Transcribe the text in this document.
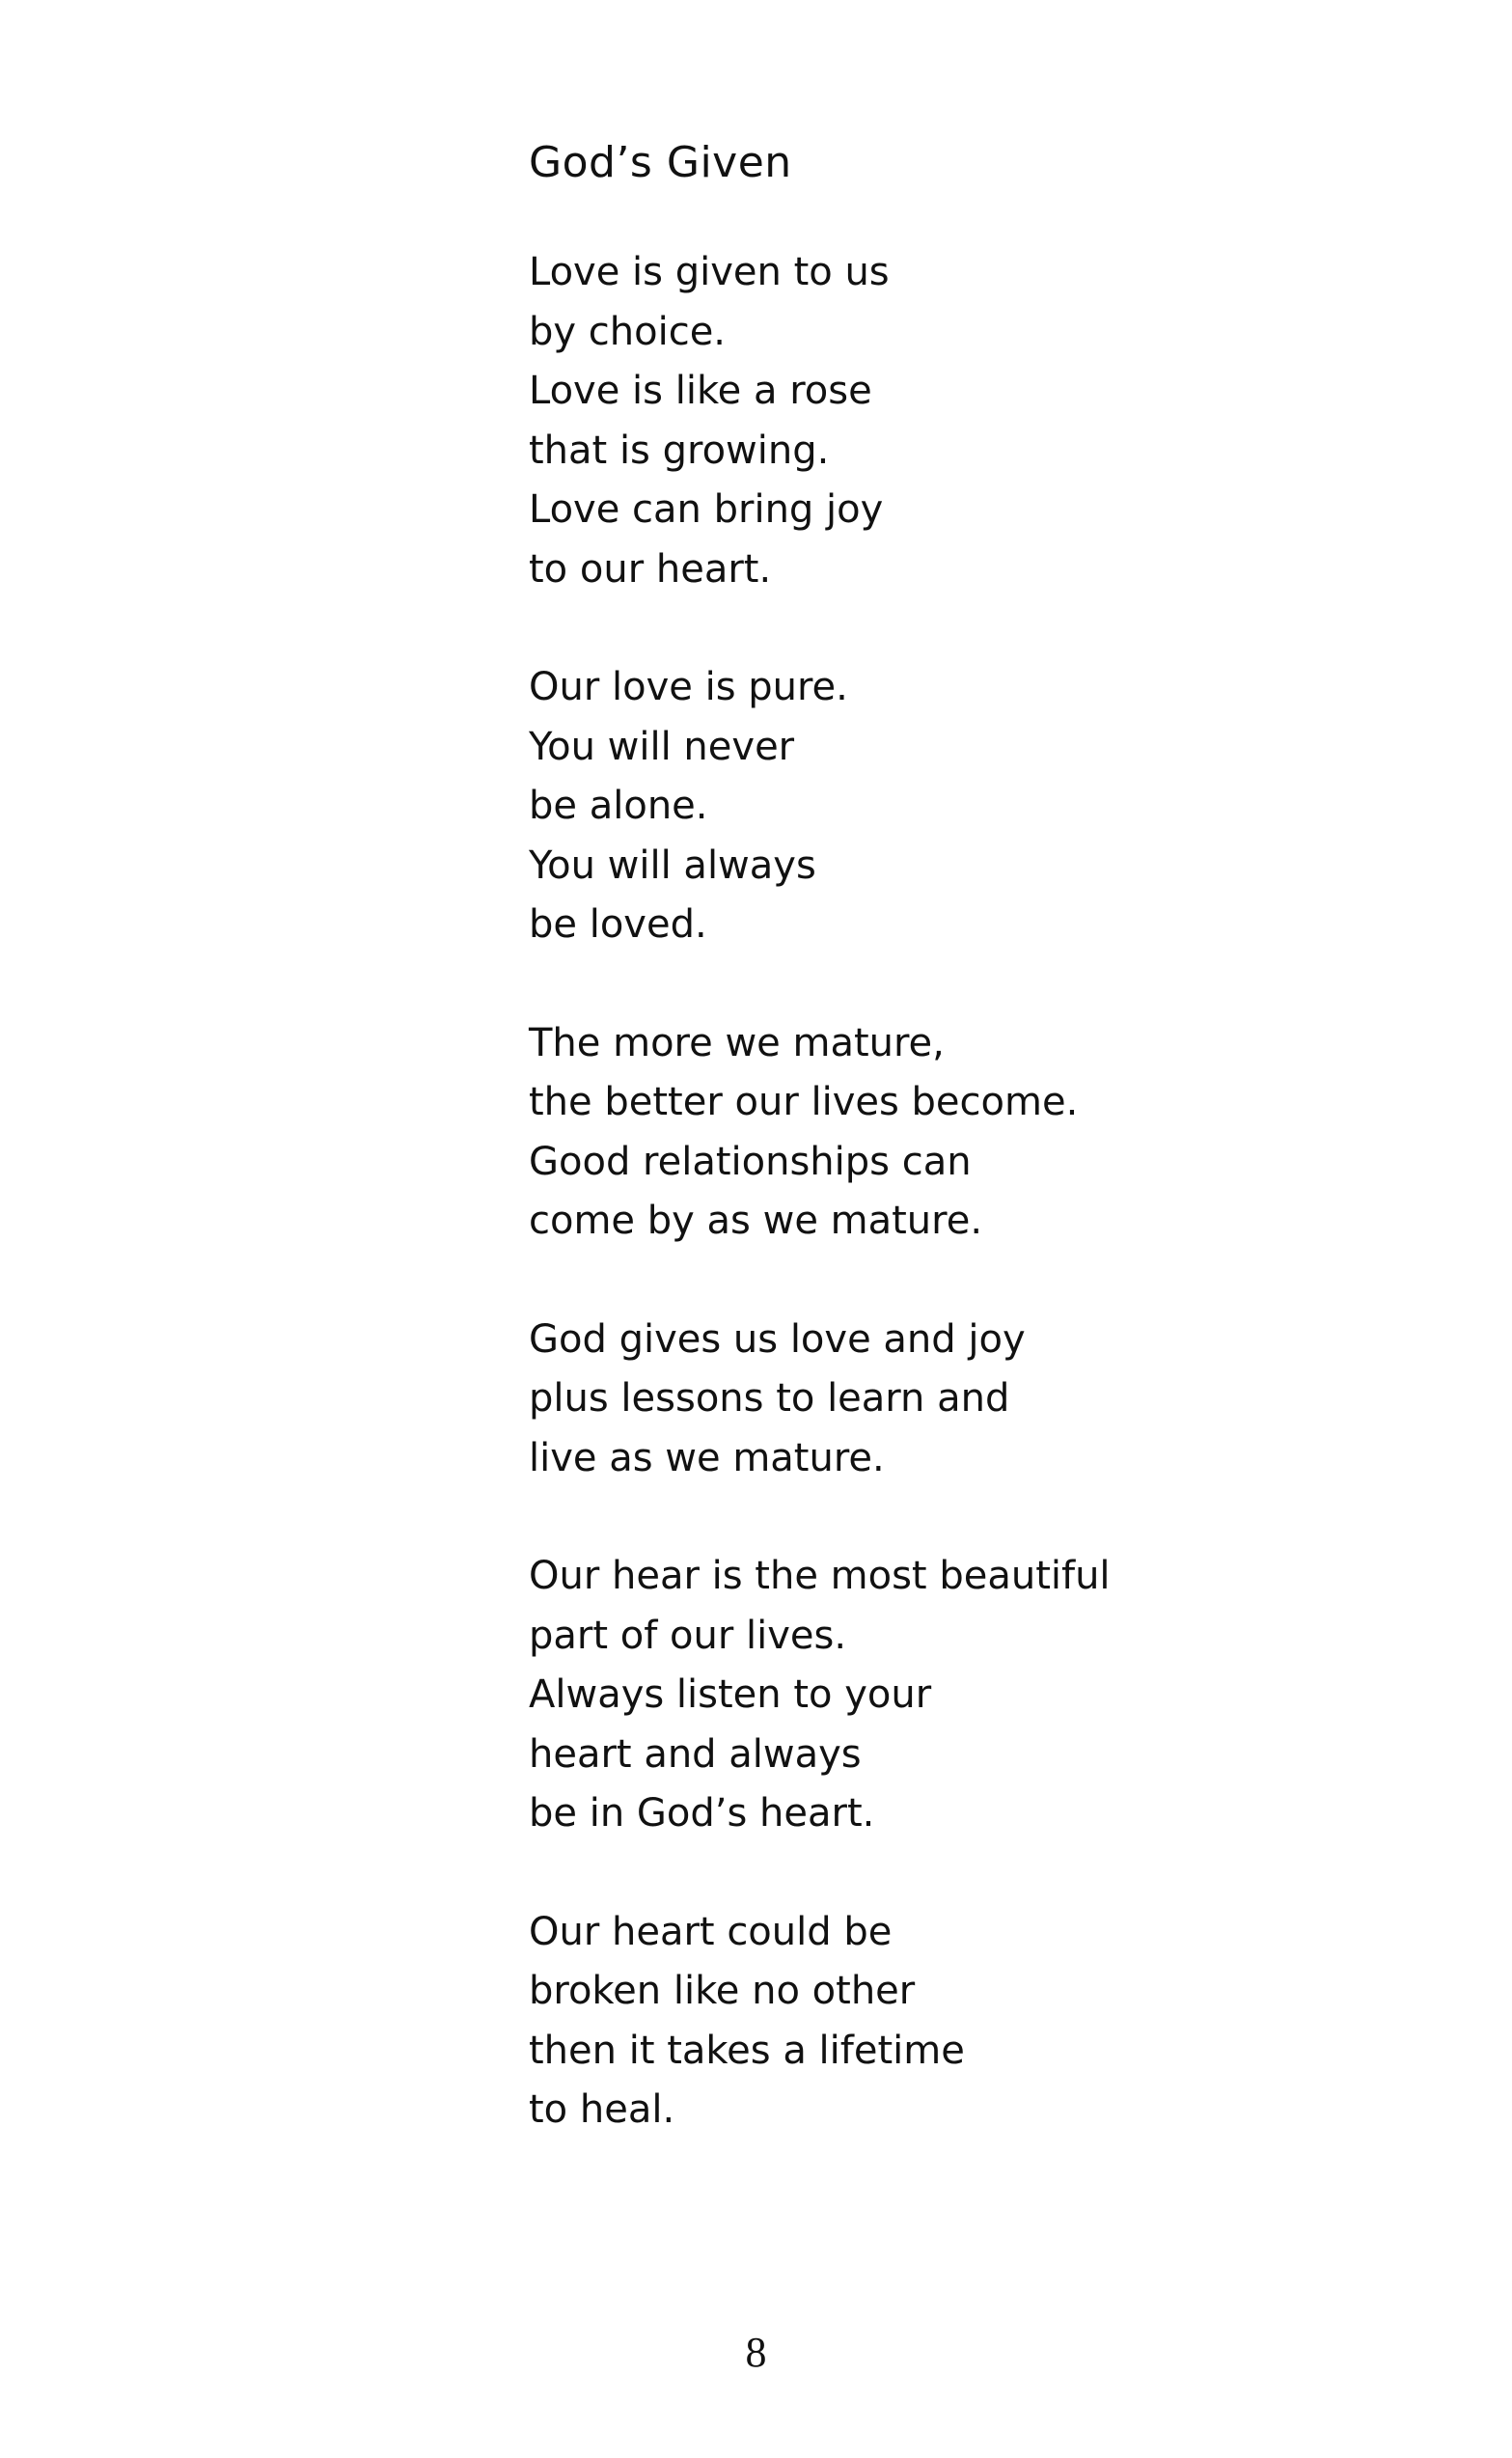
God’s Given
Love is given to us
by choice.
Love is like a rose
that is growing.
Love can bring joy
to our heart.
Our love is pure.
You will never
be alone.
You will always
be loved.
The more we mature,
the better our lives become.
Good relationships can
come by as we mature.
God gives us love and joy
plus lessons to learn and
live as we mature.
Our hear is the most beautiful
part of our lives.
Always listen to your
heart and always
be in God’s heart.
Our heart could be
broken like no other
then it takes a lifetime
to heal.
8
